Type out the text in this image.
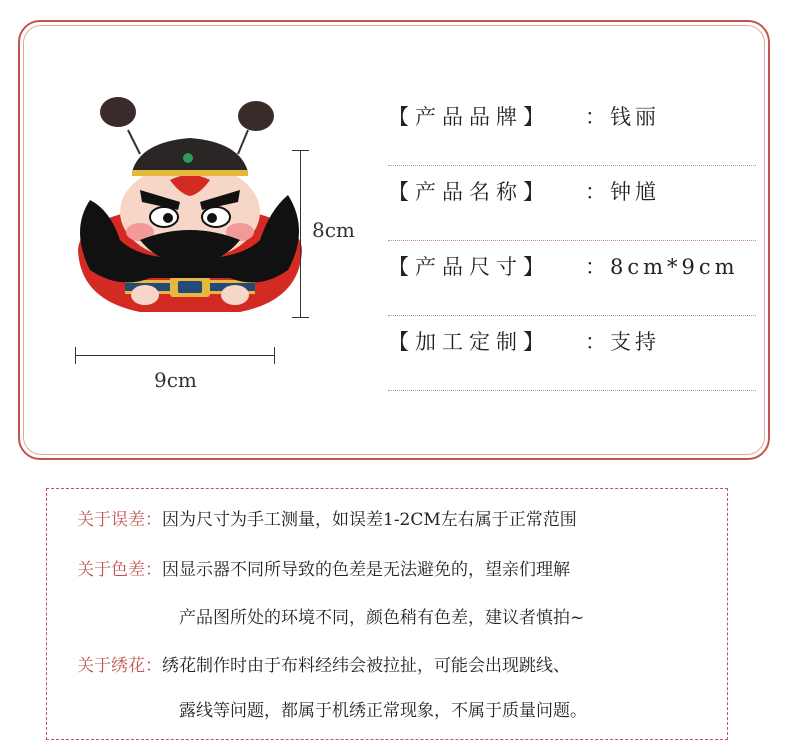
8cm
9cm
【产品品牌】 ：钱丽
【产品名称】 ：钟馗
【产品尺寸】 ：8cm*9cm
【加工定制】 ：支持
关于误差：因为尺寸为手工测量，如误差1-2CM左右属于正常范围
关于色差：因显示器不同所导致的色差是无法避免的，望亲们理解
产品图所处的环境不同，颜色稍有色差，建议者慎拍~
关于绣花：绣花制作时由于布料经纬会被拉扯，可能会出现跳线、
露线等问题，都属于机绣正常现象，不属于质量问题。
